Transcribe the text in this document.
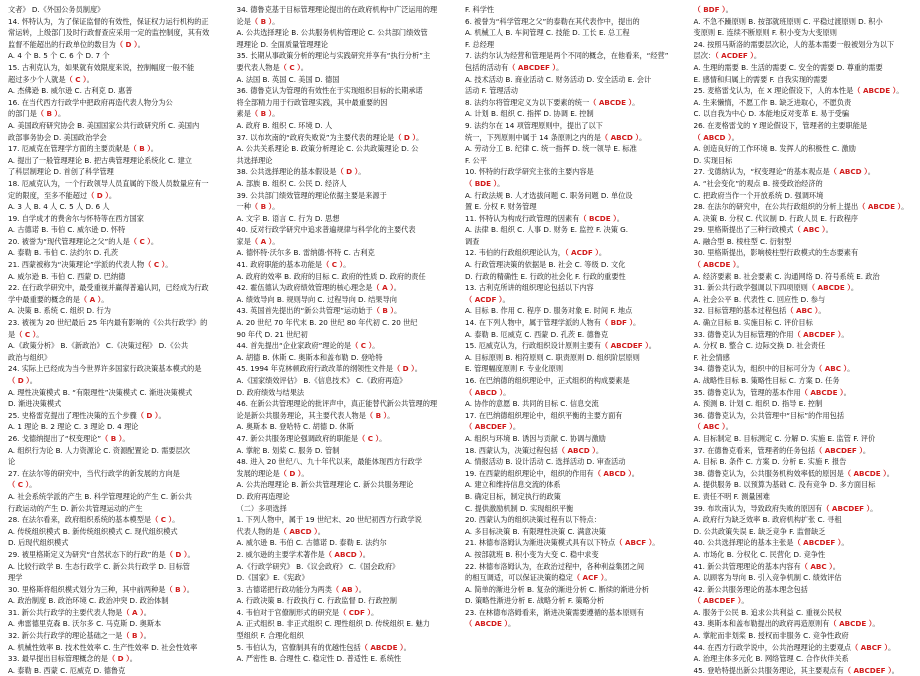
文者》 D.《外国公务员制度》
14. 怀特认为，为了保证监督的有效性，保证权力运行机构的正
常运转，上级部门及时行政督查应采用一定的监控制度，其有效
监督不能超出的行政单位的数目为（ D ）。
A. 4 个 B. 5 个 C. 6 个 D. 7 个
15. 古利克认为，如果就有效限度来说，控制幅度一般不能
超过多少个人就是（ C ）。
A. 杰佛逊 B. 威尔逊 C. 古利克 D. 惠普
16. 在当代西方行政学中把政府再造代表人物分为公
的部门是（ B ）。
A. 美国政府研究协会 B. 美国国家公共行政研究所 C. 美国内
政部事务协会 D. 美国政治学会
17. 厄威克在管理学方面的主要贡献是（ B ）。
A. 提出了一般管理理论 B. 把古典管理理论系统化 C. 建立
了科层制理论 D. 首创了科学管理
18. 厄威克认为，一个行政领导人员直属的下级人员数量应有一
定的限度，至多不能超过（ D ）。
A. 3 人 B. 4 人 C. 5 人 D. 6 人
19. 自学成才的费舍尔与怀特等在西方国家
A. 古德诺 B. 韦伯 C. 威尔逊 D. 怀特
20. 被誉为“现代管理理论之父”的人是（ C ）。
A. 泰勒 B. 韦伯 C. 法约尔 D. 孔茨
21. 西蒙被称为“决策理论”学派的代表人物（ C ）。
A. 威尔逊 B. 韦伯 C. 西蒙 D. 巴纳德
22. 在行政学研究中，最受重视并赢得普遍认同，已经成为行政
学中最重要的概念的是（ A ）。
A. 决策 B. 系统 C. 组织 D. 行为
23. 被视为 20 世纪最后 25 年内最有影响的《公共行政学》的
是（ C ）。
A.《政策分析》 B.《新政治》 C.《决策过程》 D.《公共
政治与组织》
24. 实际上已经成为当今世界许多国家行政决策基本模式的是
（ D ）。
A. 理性决策模式 B. “有限理性”决策模式 C. 渐进决策模式
D. 渐进决策模式
25. 史格雷克提出了理性决策的五个步骤（ D ）。
A. 1 理论 B. 2 理论 C. 3 理论 D. 4 理论
26. 戈德纳提出了“权变理论”（ B ）。
A. 组织行为论 B. 人力资源论 C. 资源配置论 D. 需要层次
论
27. 在法尔等的研究中，当代行政学的新发展的方向是
（ C ）。
A. 社会系统学派的产生 B. 科学管理理论的产生 C. 新公共
行政运动的产生 D. 新公共管理运动的产生
28. 在法尔看来，政府组织系统的基本模型是（ C ）。
A. 传统组织模式 B. 新传统组织模式 C. 现代组织模式
D. 后现代组织模式
29. 被里格斯定义为研究“自然状态下的行政”的是（ D ）。
A. 比较行政学 B. 生态行政学 C. 新公共行政学 D. 目标管
理学
30. 里格斯将组织模式划分为三种，其中前两种是（ B ）。
A. 政治制度 B. 政治环境 C. 政治冲突 D. 政治体制
31. 新公共行政学的主要代表人物是（ A ）。
A. 弗雷德里克森 B. 沃尔多 C. 马克斯 D. 奥斯本
32. 新公共行政学的理论基础之一是（ B ）。
A. 机械性效率 B. 技术性效率 C. 生产性效率 D. 社会性效率
33. 最早提出目标管理概念的是（ D ）。
A. 泰勒 B. 西蒙 C. 厄威克 D. 德鲁克
34. 德鲁克基于目标管理理论提出的在政府机构中广泛运用的理
论是（ B ）。
A. 公共选择理论 B. 公共服务机构管理论 C. 公共部门绩效管
理理论 D. 全面质量管理理论
35. 长期从事政策分析的理论与实践研究并享有“执行分析”主
要代表人物是（ C ）。
A. 法国 B. 英国 C. 美国 D. 德国
36. 德鲁克认为管理的有效性在于实现组织目标的长期承诺
将全部精力用于行政管理实践，其中最重要的因
素是（ B ）。
A. 政府 B. 组织 C. 环境 D. 人
37. 以布坎南的“政府失败说”为主要代表的理论是（ D ）。
A. 公共关系理论 B. 政策分析理论 C. 公共政策理论 D. 公
共选择理论
38. 公共选择理论的基本假设是（ D ）。
A. 部族 B. 组织 C. 公民 D. 经济人
39. 公共部门绩效管理的理论依据主要是来源于
一种（ B ）。
A. 文字 B. 语言 C. 行为 D. 思想
40. 反对行政学研究中追求普遍规律与科学化的主要代表
家是（ A ）。
A. 德怀特·沃尔多 B. 雷纳德·怀特 C. 古利克
41. 政府职能的基本功能是（ C ）。
A. 政府的效率 B. 政府的目标 C. 政府的性质 D. 政府的责任
42. 霍伍德认为政府绩效管理的核心理念是（ A ）。
A. 绩效导向 B. 规则导向 C. 过程导向 D. 结果导向
43. 英国首先提出的“新公共管理”运动始于（ B ）。
A. 20 世纪 70 年代末 B. 20 世纪 80 年代初 C. 20 世纪
90 年代 D. 21 世纪初
44. 首先提出“企业家政府”理论的是（ C ）。
A. 胡德 B. 休斯 C. 奥斯本和盖布勒 D. 登哈特
45. 1994 年克林顿政府行政改革的纲领性文件是（ D ）。
A.《国家绩效评估》 B.《信息技术》 C.《政府再造》
D. 政府绩效与结果法
46. 在新公共管理理论的批评声中，真正能替代新公共管理的理
论是新公共服务理论，其主要代表人物是（ B ）。
A. 奥斯本 B. 登哈特 C. 胡德 D. 休斯
47. 新公共服务理论强调政府的职能是（ C ）。
A. 掌舵 B. 划桨 C. 服务 D. 管制
48. 进入 20 世纪八、九十年代以来，最能体现西方行政学
发展的理论是（ D ）。
A. 公共治理理论 B. 新公共管理理论 C. 新公共服务理论
D. 政府再造理论
（二）多项选择
1. 下列人物中，属于 19 世纪末、20 世纪初西方行政学说
代表人物的是（ ABCD ）。
A. 威尔逊 B. 韦伯 C. 古德诺 D. 泰勒 E. 法约尔
2. 威尔逊的主要学术著作是（ ABCD ）。
A.《行政学研究》 B.《议会政府》 C.《国会政府》
D.《国家》E.《宪政》
3. 古德诺把行政功能分为两类（ AB ）。
A. 行政决策 B. 行政执行 C. 行政监督 D. 行政控制
4. 韦伯对于官僚制形式的研究是（ CDF ）。
A. 正式组织 B. 非正式组织 C. 理性组织 D. 传统组织 E. 魅力
型组织 F. 合理化组织
5. 韦伯认为，官僚制具有的优越性包括（ ABCDE ）。
A. 严密性 B. 合理性 C. 稳定性 D. 普适性 E. 系统性
F. 科学性
6. 被誉为“科学管理之父”的泰勒在其代表作中，提出的
A. 机械工人 B. 车间管理 C. 技能 D. 工长 E. 总工程
F. 总经理
7. 法约尔认为经营和管理是两个不同的概念，在他看来，“经营”
包括的活动有（ ABCDEF ）。
A. 技术活动 B. 商业活动 C. 财务活动 D. 安全活动 E. 会计
活动 F. 管理活动
8. 法约尔将管理定义为以下要素的统一（ ABCDE ）。
A. 计划 B. 组织 C. 指挥 D. 协调 E. 控制
9. 法约尔在 14 项管理原则中，提出了以下
统一，下列原则中属于 14 条原则之内的是（ ABCD ）。
A. 劳动分工 B. 纪律 C. 统一指挥 D. 统一领导 E. 标准
F. 公平
10. 怀特的行政学研究主张的主要内容是
（ BDE ）。
A. 行政法规 B. 人才选拔问题 C. 职务问题 D. 单位设
置 E. 分权 F. 财务管理
11. 怀特认为构成行政管理的因素有（ BCDE ）。
A. 法律 B. 组织 C. 人事 D. 财务 E. 监控 F. 决策 G.
调查
12. 韦伯的行政组织理论认为，（ ACDF ）。
A. 行政管理决策的依据是 B. 社会 C. 等级 D. 文化
D. 行政的精确性 E. 行政的社会化 F. 行政的重要性
13. 古利克所讲的组织理论包括以下内容
（ ACDF ）。
A. 目标 B. 作用 C. 程序 D. 服务对象 E. 时间 F. 地点
14. 在下列人物中，属于管理学派的人物有（ BDF ）。
A. 泰勒 B. 厄威克 C. 西蒙 D. 孔茨 E. 德鲁克
15. 厄威克认为，行政组织设计原则主要有（ ABCDEF ）。
A. 目标原则 B. 相符原则 C. 职责原则 D. 组织阶层原则
E. 管理幅度原则 F. 专业化原则
16. 在巴纳德的组织理论中，正式组织的构成要素是
（ ABCD ）。
A. 协作的意愿 B. 共同的目标 C. 信息交流
17. 在巴纳德组织理论中，组织平衡的主要方面有
（ ABCDEF ）。
A. 组织与环境 B. 诱因与贡献 C. 协调与激励
18. 西蒙认为，决策过程包括（ ABCD ）。
A. 情报活动 B. 设计活动 C. 选择活动 D. 审查活动
19. 在西蒙的组织理论中，组织的作用有（ ABCD ）。
A. 建立和维持信息交流的体系
B. 确定目标，制定执行的政策
C. 提供激励机制 D. 实现组织平衡
20. 西蒙认为的组织决策过程有以下特点：
A. 多目标决策 B. 有限理性决策 C. 满意决策
21. 林德布洛姆认为渐进决策模式具有以下特点（ ABCF ）。
A. 按部就班 B. 积小变为大变 C. 稳中求变
22. 林德布洛姆认为，在政治过程中，各种利益集团之间
的相互调适，可以保证决策的稳定（ ACF ）。
A. 简单的渐进分析 B. 复杂的渐进分析 C. 断续的渐进分析
D. 策略性渐进分析 E. 战略分析 F. 策略分析
23. 在林德布洛姆看来，渐进决策需要遵循的基本原则有
（ ABCDE ）。
（ BDF ）。
A. 不急不躁原则 B. 按部就班原则 C. 平稳过渡原则 D. 积小
变原则 E. 连续不断原则 F. 积小变为大变原则
24. 按照马斯洛的需要层次论，人的基本需要一般被划分为以下
层次：（ ACDEF ）。
A. 生理的需要 B. 生活的需要 C. 安全的需要 D. 尊重的需要
E. 感情和归属上的需要 F. 自我实现的需要
25. 麦格雷戈认为，在 X 理论假设下，人的本性是（ ABCDE ）。
A. 生来懒惰，不愿工作 B. 缺乏进取心，不愿负责
C. 以自我为中心 D. 本能地反对变革 E. 易于受骗
26. 在麦格雷戈的 Y 理论假设下，管理者的主要职能是
（ ABCD ）。
A. 创造良好的工作环境 B. 发挥人的积极性 C. 激励
D. 实现目标
27. 戈德纳认为，“权变理论”的基本观点是（ ABCD ）。
A. “社会变化”的观点 B. 接受政治经济的
C. 把政府当作一个开放系统 D. 强调环境
28. 在法尔的研究中，在公共行政组织的分析上提出（ ABCDE ）。
A. 决策 B. 分权 C. 代议制 D. 行政人员 E. 行政程序
29. 里格斯提出了三种行政模式（ ABC ）。
A. 融合型 B. 棱柱型 C. 衍射型
30. 里格斯提出，影响棱柱型行政模式的生态要素有
（ ABCDE ）。
A. 经济要素 B. 社会要素 C. 沟通网络 D. 符号系统 E. 政治
31. 新公共行政学强调以下四项原则（ ABCDE ）。
A. 社会公平 B. 代表性 C. 回应性 D. 参与
32. 目标管理的基本过程包括（ ABC ）。
A. 确立目标 B. 实施目标 C. 评价目标
33. 德鲁克认为目标管理的作用（ ABCDEF ）。
A. 分权 B. 整合 C. 边际交换 D. 社会责任
F. 社会情感
34. 德鲁克认为，组织中的目标可分为（ ABC ）。
A. 战略性目标 B. 策略性目标 C. 方案 D. 任务
35. 德鲁克认为，管理的基本作用（ ABCDE ）。
A. 预测 B. 计划 C. 组织 D. 指导 E. 控制
36. 德鲁克认为，公共管理中“目标”的作用包括
（ ABC ）。
A. 目标制定 B. 目标测定 C. 分解 D. 实施 E. 监管 F. 评价
37. 在德鲁克看来，管理者的任务包括（ ABCDEF ）。
A. 目标 B. 条件 C. 方案 D. 分析 E. 实施 F. 报告
38. 德鲁克认为，公共服务机构效率低的原因是（ ABCDE ）。
A. 提供服务 B. 以预算为基础 C. 没有竞争 D. 多方面目标
E. 责任不明 F. 测量困难
39. 布坎南认为，导致政府失败的原因有（ ABCDEF ）。
A. 政府行为缺乏效率 B. 政府机构扩张 C. 寻租
D. 公共政策失误 E. 缺乏竞争 F. 监督缺乏
40. 公共选择理论的基本主张是（ ABCDEF ）。
A. 市场化 B. 分权化 C. 民营化 D. 竞争性
41. 新公共管理理论的基本内容有（ ABC ）。
A. 以顾客为导向 B. 引入竞争机制 C. 绩效评估
42. 新公共服务理论的基本理念包括
（ ABCDEF ）。
A. 服务于公民 B. 追求公共利益 C. 重视公民权
43. 奥斯本和盖布勒提出的政府再造原则有（ ABCDE ）。
A. 掌舵而非划桨 B. 授权而非服务 C. 竞争性政府
44. 在西方行政学说中，公共治理理论的主要观点（ ABCF ）。
A. 治理主体多元化 B. 网络管理 C. 合作伙伴关系
45. 登哈特提出新公共服务理论，其主要观点有（ ABCDEF ）。
